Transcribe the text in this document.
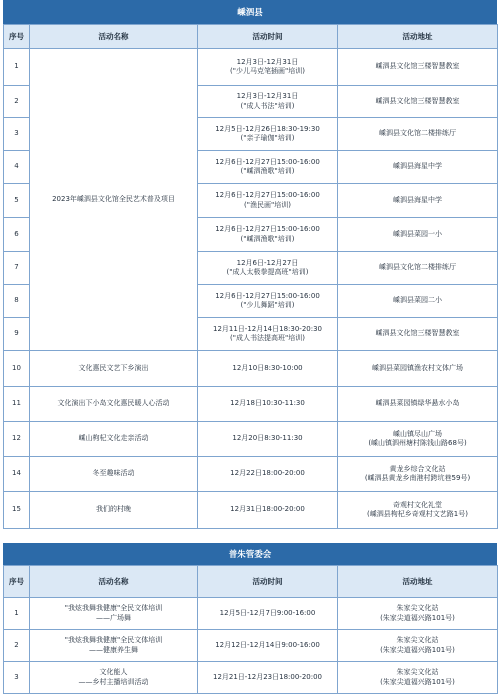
嵊泗县
序号	活动名称	活动时间	活动地址
1	2023年嵊泗县文化馆全民艺术普及项目	12月3日-12月31日
("少儿马克笔插画"培训)	嵊泗县文化馆三楼智慧教室
2		12月3日-12月31日
("成人书法"培训)	嵊泗县文化馆三楼智慧教室
3		12月5日-12月26日18:30-19:30
("亲子瑜伽"培训)	嵊泗县文化馆二楼排练厅
4		12月6日-12月27日15:00-16:00
("嵊泗渔歌"培训)	嵊泗县海星中学
5		12月6日-12月27日15:00-16:00
("渔民画"培训)	嵊泗县海星中学
6		12月6日-12月27日15:00-16:00
("嵊泗渔歌"培训)	嵊泗县菜园一小
7		12月6日-12月27日
("成人太极拳提高班"培训)	嵊泗县文化馆二楼排练厅
8		12月6日-12月27日15:00-16:00
("少儿舞蹈"培训)	嵊泗县菜园二小
9		12月11日-12月14日18:30-20:30
("成人书法提高班"培训)	嵊泗县文化馆三楼智慧教室
10	文化惠民文艺下乡演出	12月10日8:30-10:00	嵊泗县菜园镇渔农村文体广场
11	文化演出下小岛文化惠民暖人心活动	12月18日10:30-11:30	嵊泗县菜园镇绿华悬水小岛
12	嵊山枸杞文化走亲活动	12月20日8:30-11:30	嵊山镇尽山广场
(嵊山镇泗州塘村陈钱山路68号)
14	冬至趣味活动	12月22日18:00-20:00	黄龙乡综合文化站
(嵊泗县黄龙乡南港村跨坑巷59号)
15	我们的村晚	12月31日18:00-20:00	奇观村文化礼堂
(嵊泗县枸杞乡奇观村文艺路1号)
普朱管委会
序号	活动名称	活动时间	活动地址
1	"我炫我舞我健康"全民文体培训
——广场舞	12月5日-12月7日9:00-16:00	朱家尖文化站
(朱家尖道福兴路101号)
2	"我炫我舞我健康"全民文体培训
——健康养生舞	12月12日-12月14日9:00-16:00	朱家尖文化站
(朱家尖道福兴路101号)
3	文化能人
——乡村主播培训活动	12月21日-12月23日18:00-20:00	朱家尖文化站
(朱家尖道福兴路101号)
